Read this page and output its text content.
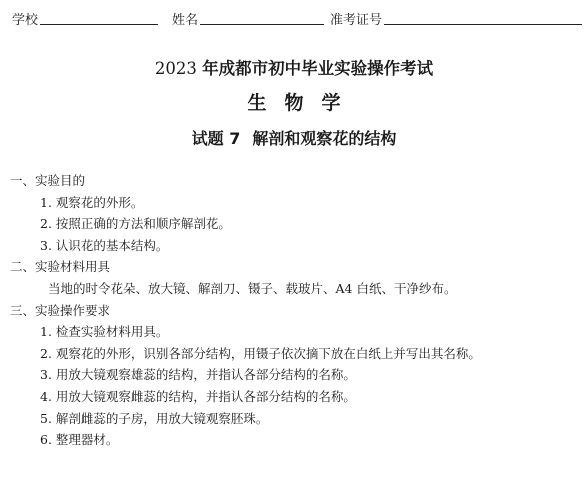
学校	姓名	准考证号
2023 年成都市初中毕业实验操作考试
生物学
试题 7 解剖和观察花的结构
一、实验目的
1. 观察花的外形。
2. 按照正确的方法和顺序解剖花。
3. 认识花的基本结构。
二、实验材料用具
当地的时令花朵、放大镜、解剖刀、镊子、载玻片、A4 白纸、干净纱布。
三、实验操作要求
1. 检查实验材料用具。
2. 观察花的外形，识别各部分结构，用镊子依次摘下放在白纸上并写出其名称。
3. 用放大镜观察雄蕊的结构，并指认各部分结构的名称。
4. 用放大镜观察雌蕊的结构，并指认各部分结构的名称。
5. 解剖雌蕊的子房，用放大镜观察胚珠。
6. 整理器材。
